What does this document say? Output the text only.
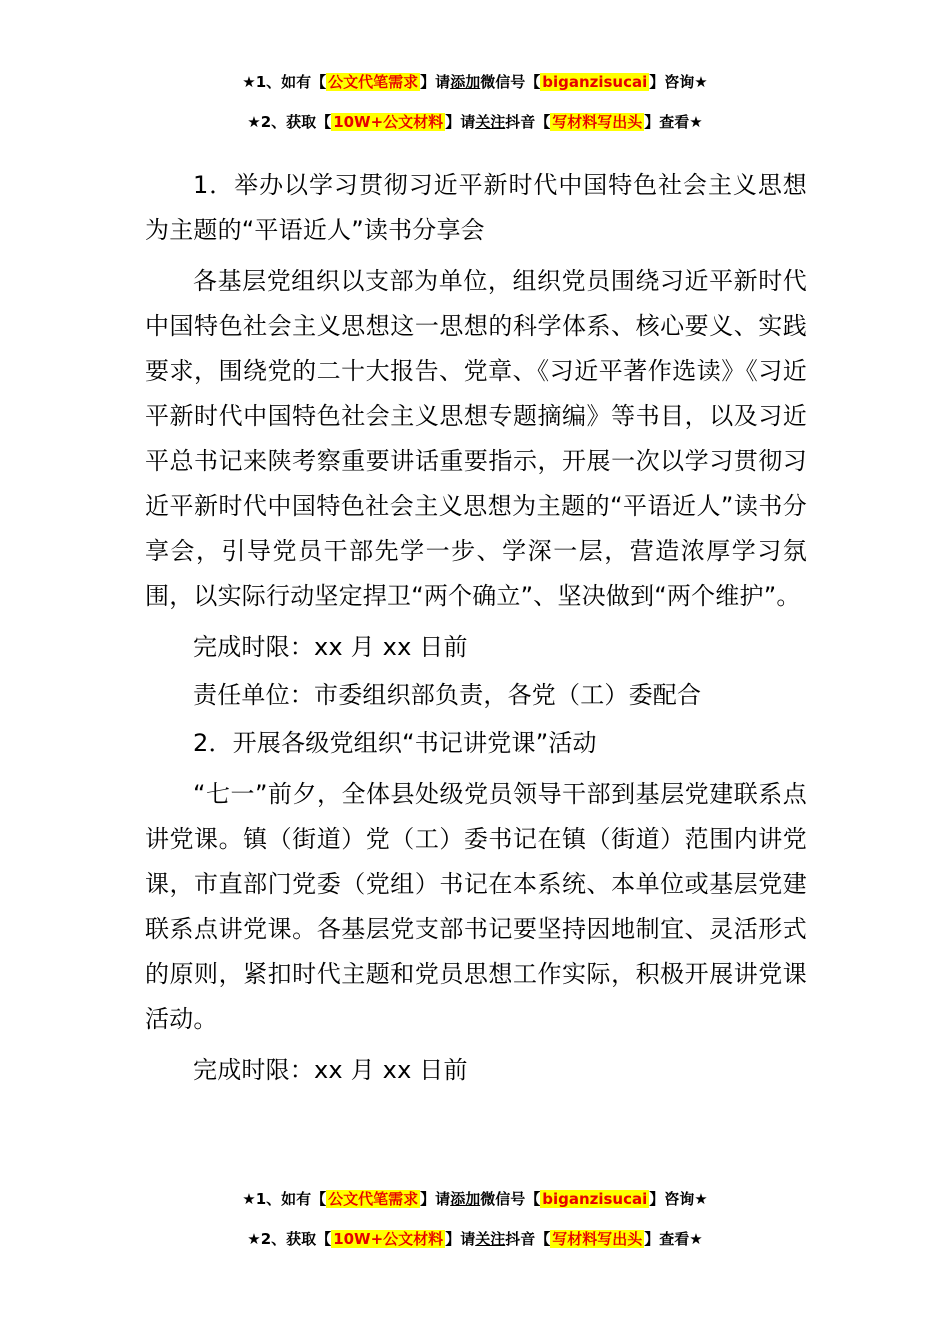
★1、如有【 公文代笔需求 】请添加微信号【 biganzisucai 】咨询★
★2、获取【 10W+公文材料 】请关注抖音【 写材料写出头 】查看★

1．举办以学习贯彻习近平新时代中国特色社会主义思想为主题的“平语近人”读书分享会

各基层党组织以支部为单位，组织党员围绕习近平新时代中国特色社会主义思想这一思想的科学体系、核心要义、实践要求，围绕党的二十大报告、党章、《习近平著作选读》《习近平新时代中国特色社会主义思想专题摘编》等书目，以及习近平总书记来陕考察重要讲话重要指示，开展一次以学习贯彻习近平新时代中国特色社会主义思想为主题的“平语近人”读书分享会，引导党员干部先学一步、学深一层，营造浓厚学习氛围，以实际行动坚定捍卫“两个确立”、坚决做到“两个维护”。

完成时限：xx 月 xx 日前

责任单位：市委组织部负责，各党（工）委配合

2．开展各级党组织“书记讲党课”活动

“七一”前夕，全体县处级党员领导干部到基层党建联系点讲党课。镇（街道）党（工）委书记在镇（街道）范围内讲党课，市直部门党委（党组）书记在本系统、本单位或基层党建联系点讲党课。各基层党支部书记要坚持因地制宜、灵活形式的原则，紧扣时代主题和党员思想工作实际，积极开展讲党课活动。

完成时限：xx 月 xx 日前

★1、如有【 公文代笔需求 】请添加微信号【 biganzisucai 】咨询★
★2、获取【 10W+公文材料 】请关注抖音【 写材料写出头 】查看★
